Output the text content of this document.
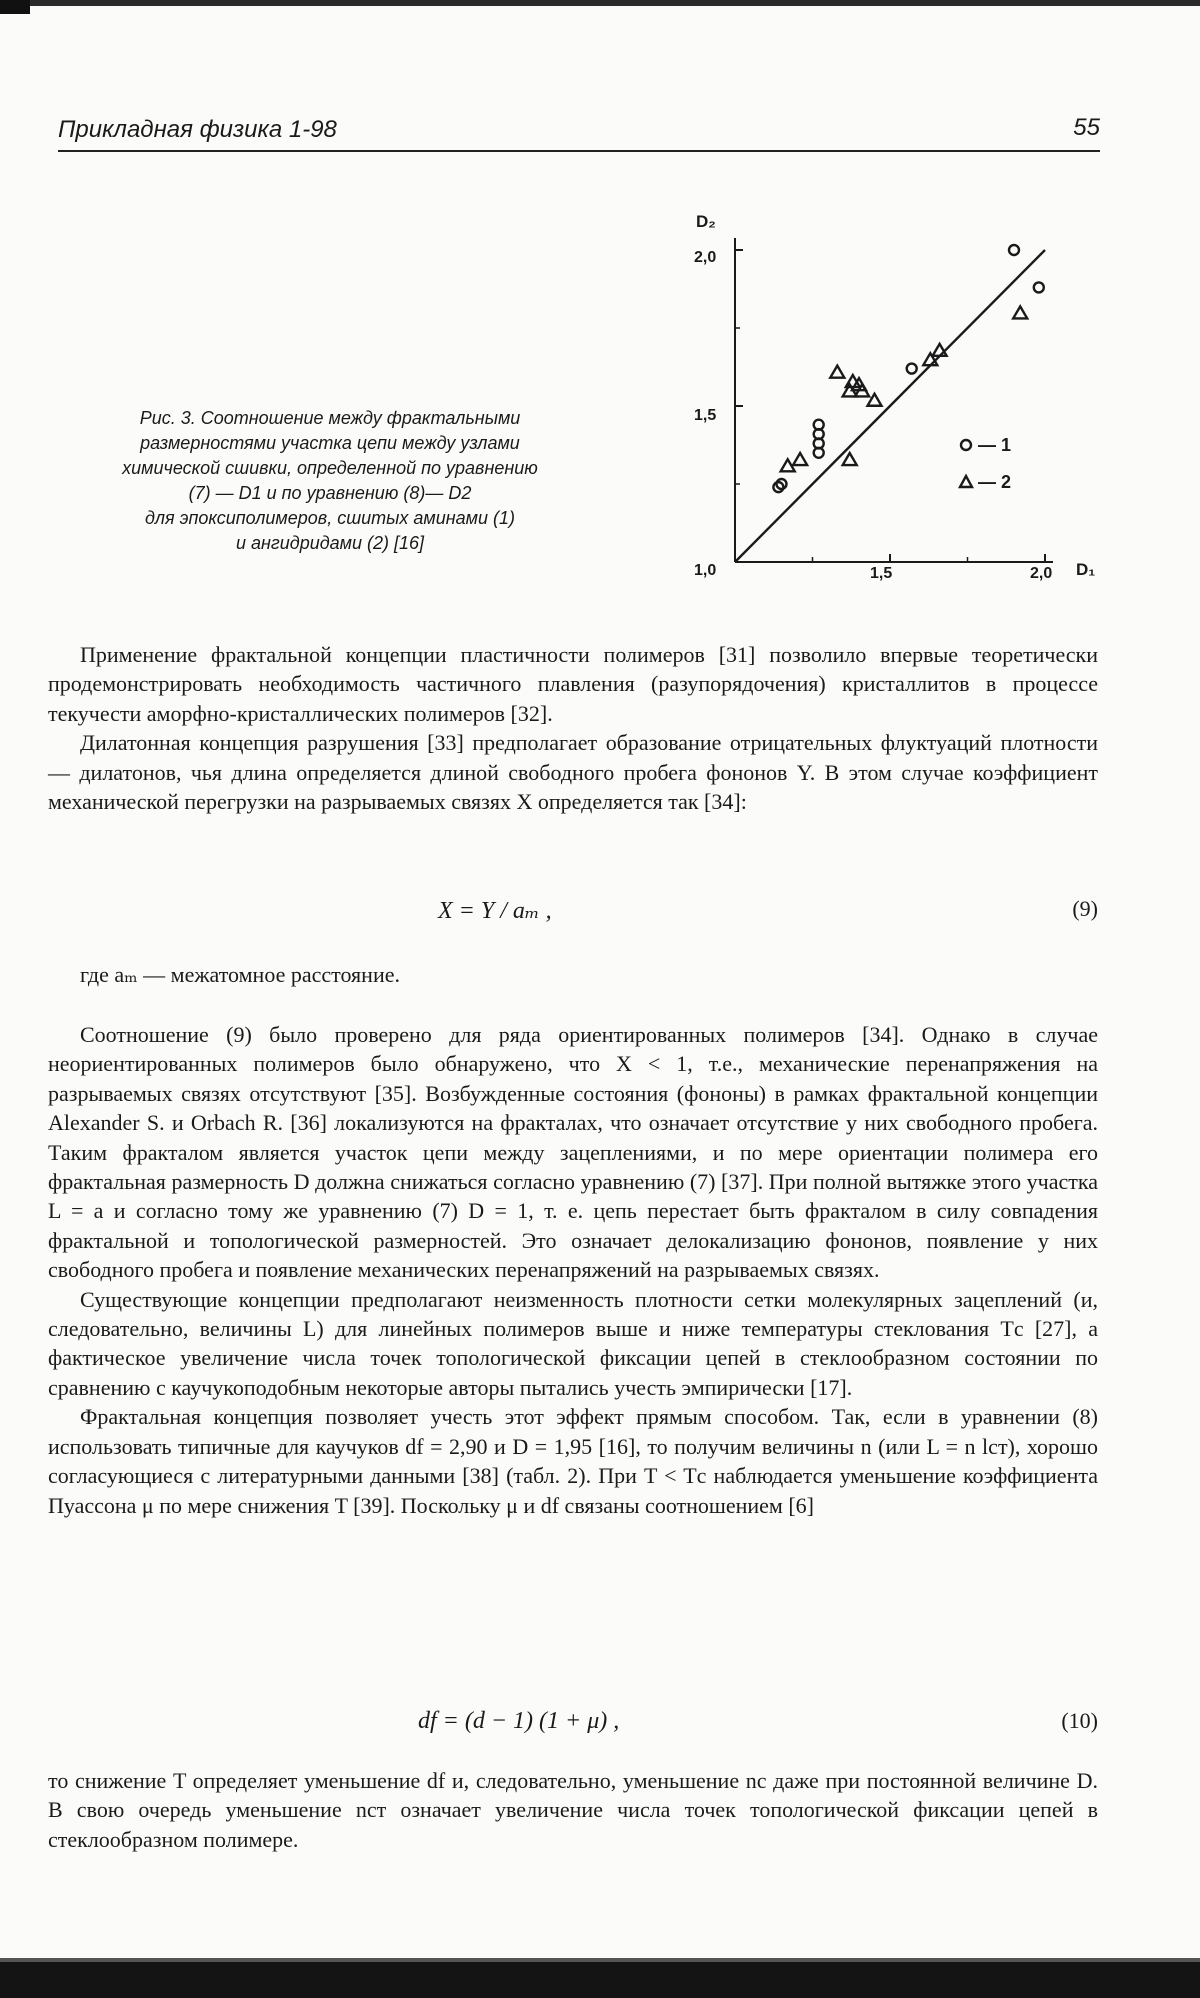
Прикладная физика 1-98	55
Рис. 3. Соотношение между фрактальными
размерностями участка цепи между узлами
химической сшивки, определенной по уравнению
(7) — D1 и по уравнению (8)— D2
для эпоксиполимеров, сшитых аминами (1)
и ангидридами (2) [16]
— 1
— 2
D₂
D₁
2,0
1,5
1,0	1,5	2,0

Применение фрактальной концепции пластичности полимеров [31] позволило впервые теоретически продемонстрировать необходимость частичного плавления (разупорядочения) кристаллитов в процессе текучести аморфно-кристаллических полимеров [32].

Дилатонная концепция разрушения [33] предполагает образование отрицательных флуктуаций плотности — дилатонов, чья длина определяется длиной свободного пробега фононов Y. В этом случае коэффициент механической перегрузки на разрываемых связях X определяется так [34]:

X = Y / aₘ ,	(9)
где aₘ — межатомное расстояние.

Соотношение (9) было проверено для ряда ориентированных полимеров [34]. Однако в случае неориентированных полимеров было обнаружено, что X < 1, т.е., механические перенапряжения на разрываемых связях отсутствуют [35]. Возбужденные состояния (фононы) в рамках фрактальной концепции Alexander S. и Orbach R. [36] локализуются на фракталах, что означает отсутствие у них свободного пробега. Таким фракталом является участок цепи между зацеплениями, и по мере ориентации полимера его фрактальная размерность D должна снижаться согласно уравнению (7) [37]. При полной вытяжке этого участка L = a и согласно тому же уравнению (7) D = 1, т. е. цепь перестает быть фракталом в силу совпадения фрактальной и топологической размерностей. Это означает делокализацию фононов, появление у них свободного пробега и появление механических перенапряжений на разрываемых связях.

Существующие концепции предполагают неизменность плотности сетки молекулярных зацеплений (и, следовательно, величины L) для линейных полимеров выше и ниже температуры стеклования Tс [27], а фактическое увеличение числа точек топологической фиксации цепей в стеклообразном состоянии по сравнению с каучукоподобным некоторые авторы пытались учесть эмпирически [17].

Фрактальная концепция позволяет учесть этот эффект прямым способом. Так, если в уравнении (8) использовать типичные для каучуков df = 2,90 и D = 1,95 [16], то получим величины n (или L = n lст), хорошо согласующиеся с литературными данными [38] (табл. 2). При T < Tс наблюдается уменьшение коэффициента Пуассона μ по мере снижения T [39]. Поскольку μ и df связаны соотношением [6]

df = (d − 1) (1 + μ) ,	(10)

то снижение T определяет уменьшение df и, следовательно, уменьшение nс даже при постоянной величине D. В свою очередь уменьшение nст означает увеличение числа точек топологической фиксации цепей в стеклообразном полимере.
